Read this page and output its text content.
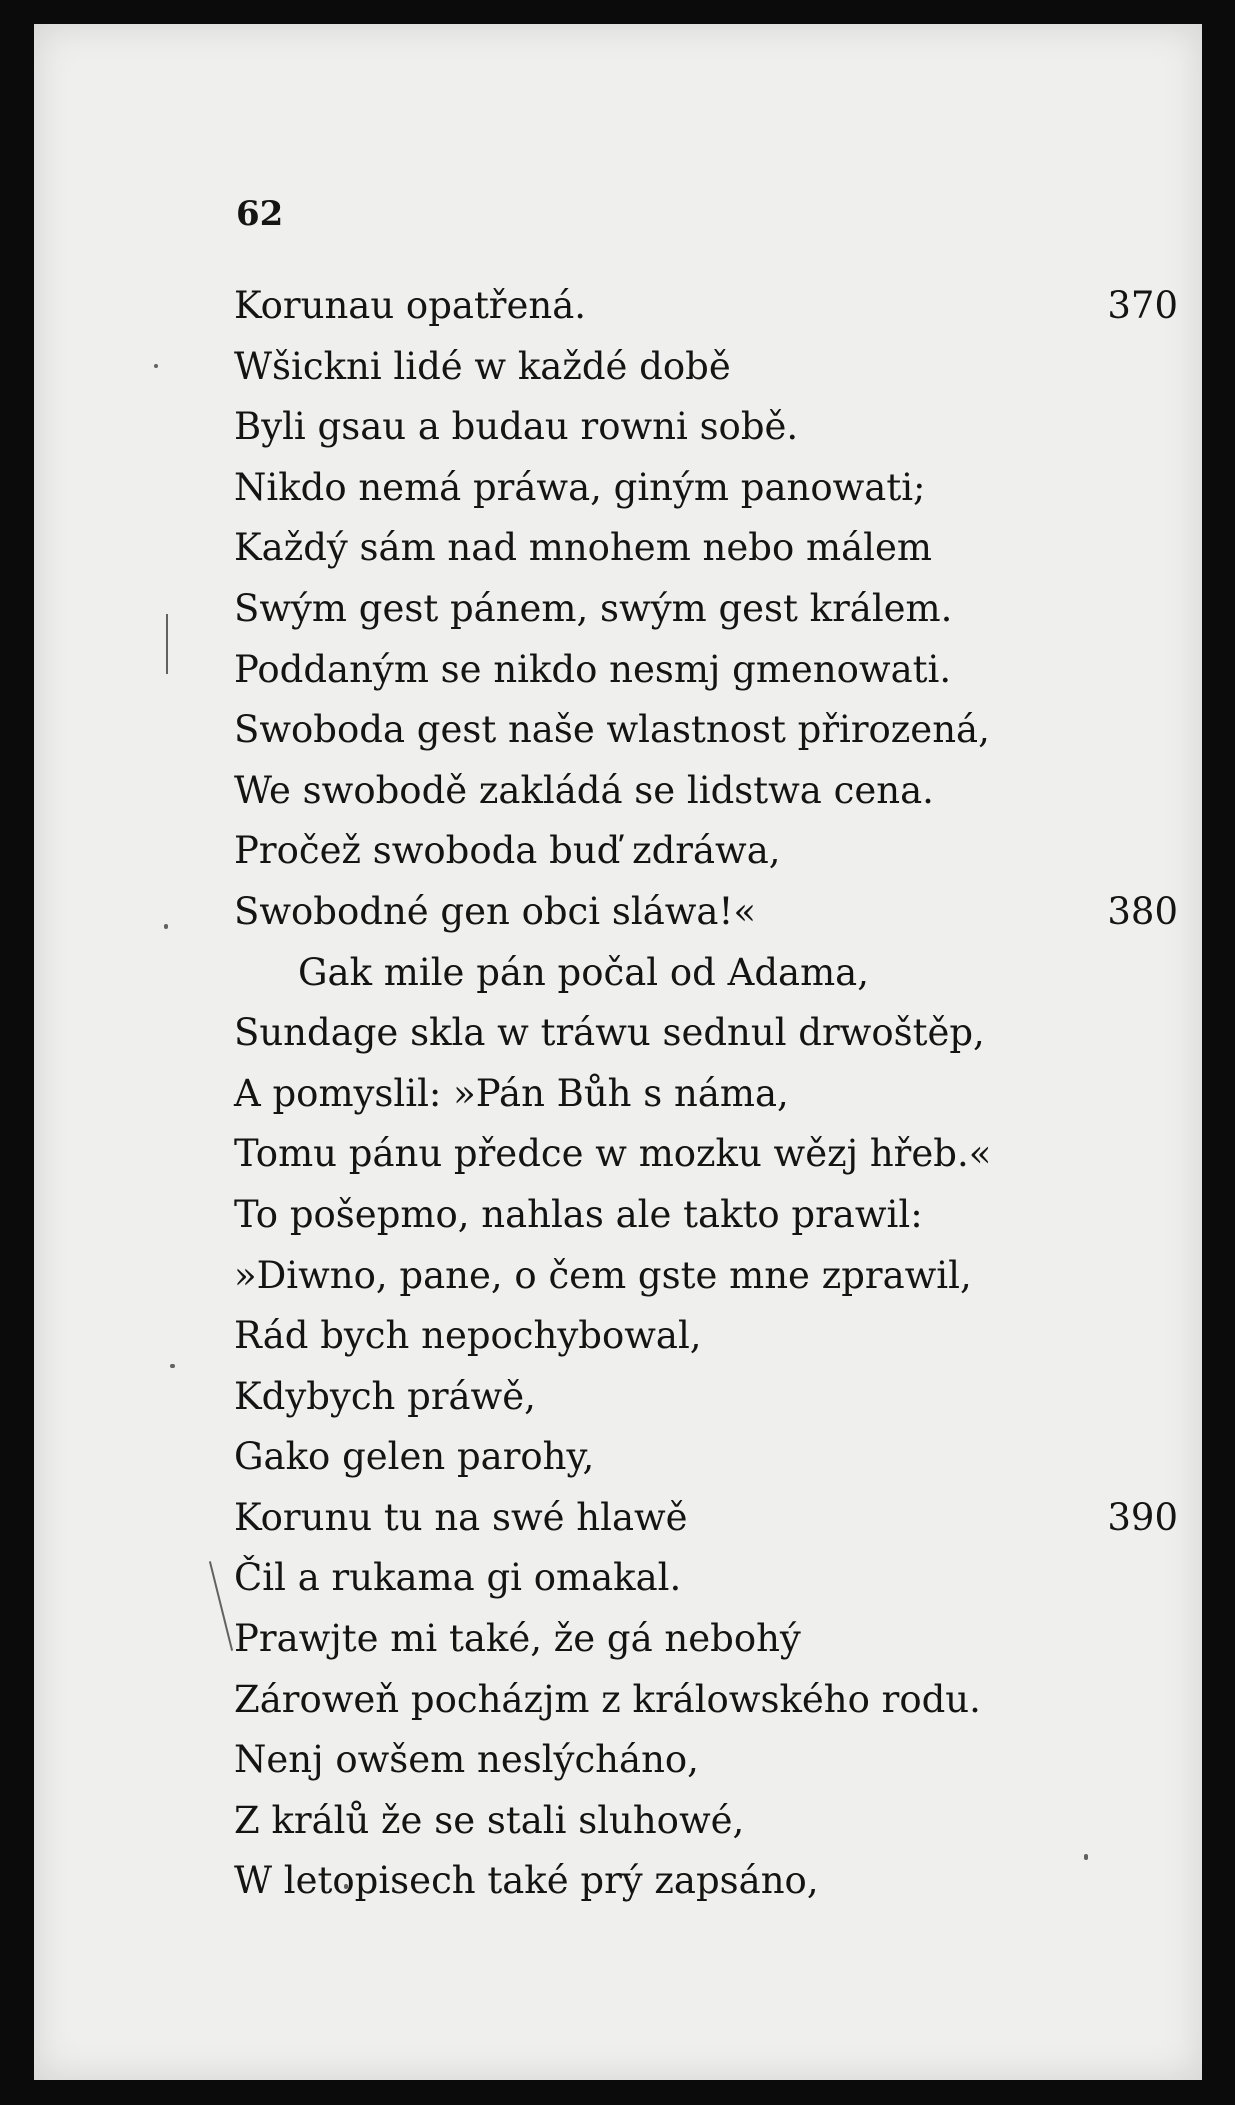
62
Korunau opatřená.	370
Wšickni lidé w každé době
Byli gsau a budau rowni sobě.
Nikdo nemá práwa, giným panowati;
Každý sám nad mnohem nebo málem
Swým gest pánem, swým gest králem.
Poddaným se nikdo nesmj gmenowati.
Swoboda gest naše wlastnost přirozená,
We swobodě zakládá se lidstwa cena.
Pročež swoboda buď zdráwa,
Swobodné gen obci sláwa!«	380
Gak mile pán počal od Adama,
Sundage skla w tráwu sednul drwoštěp,
A pomyslil: »Pán Bůh s náma,
Tomu pánu předce w mozku wězj hřeb.«
To pošepmo, nahlas ale takto prawil:
»Diwno, pane, o čem gste mne zprawil,
Rád bych nepochybowal,
Kdybych práwě,
Gako gelen parohy,
Korunu tu na swé hlawě	390
Čil a rukama gi omakal.
Prawjte mi také, že gá nebohý
Zároweň pocházjm z králowského rodu.
Nenj owšem neslýcháno,
Z králů že se stali sluhowé,
W letopisech také prý zapsáno,
